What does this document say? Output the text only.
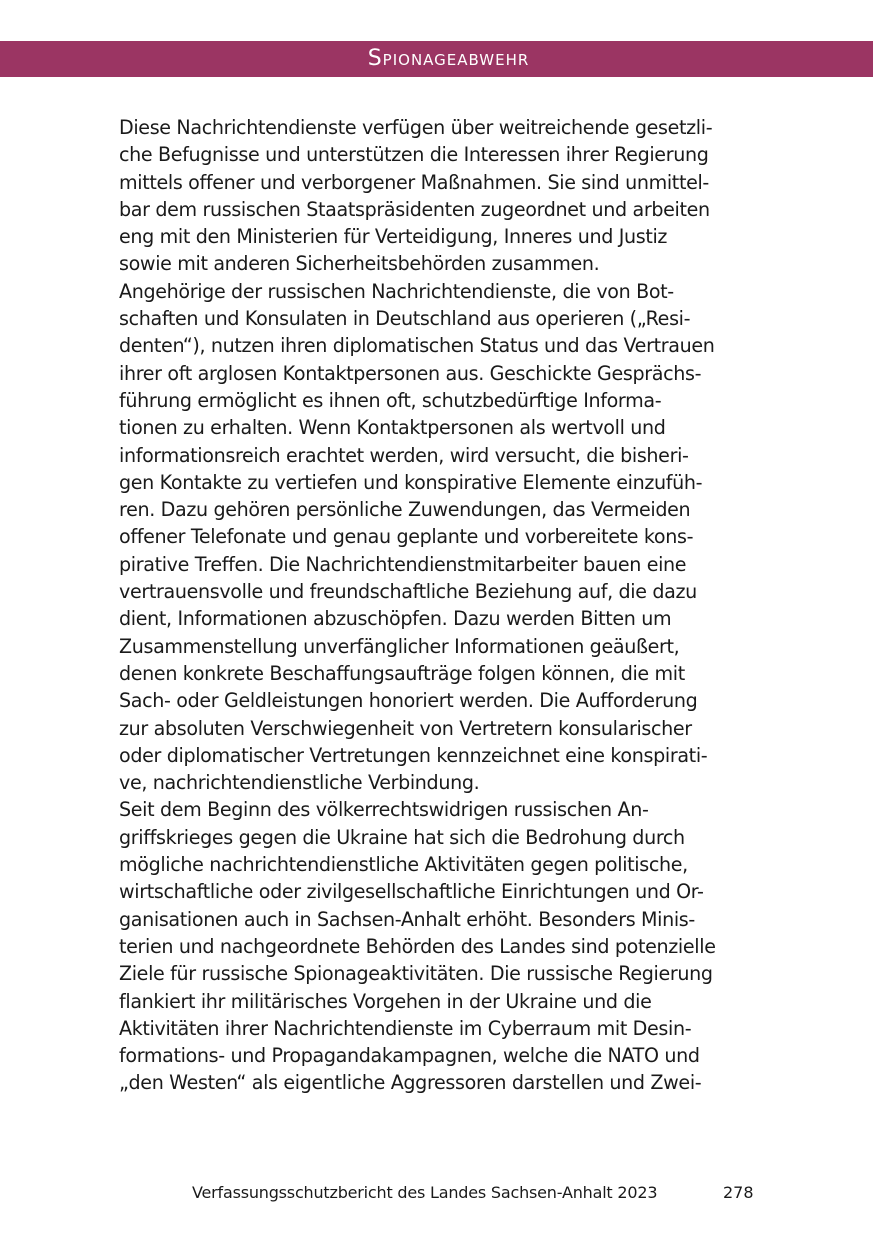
Spionageabwehr
Diese Nachrichtendienste verfügen über weitreichende gesetzli-
che Befugnisse und unterstützen die Interessen ihrer Regierung
mittels offener und verborgener Maßnahmen. Sie sind unmittel-
bar dem russischen Staatspräsidenten zugeordnet und arbeiten
eng mit den Ministerien für Verteidigung, Inneres und Justiz
sowie mit anderen Sicherheitsbehörden zusammen.
Angehörige der russischen Nachrichtendienste, die von Bot-
schaften und Konsulaten in Deutschland aus operieren („Resi-
denten“), nutzen ihren diplomatischen Status und das Vertrauen
ihrer oft arglosen Kontaktpersonen aus. Geschickte Gesprächs-
führung ermöglicht es ihnen oft, schutzbedürftige Informa-
tionen zu erhalten. Wenn Kontaktpersonen als wertvoll und
informationsreich erachtet werden, wird versucht, die bisheri-
gen Kontakte zu vertiefen und konspirative Elemente einzufüh-
ren. Dazu gehören persönliche Zuwendungen, das Vermeiden
offener Telefonate und genau geplante und vorbereitete kons-
pirative Treffen. Die Nachrichtendienstmitarbeiter bauen eine
vertrauensvolle und freundschaftliche Beziehung auf, die dazu
dient, Informationen abzuschöpfen. Dazu werden Bitten um
Zusammenstellung unverfänglicher Informationen geäußert,
denen konkrete Beschaffungsaufträge folgen können, die mit
Sach- oder Geldleistungen honoriert werden. Die Aufforderung
zur absoluten Verschwiegenheit von Vertretern konsularischer
oder diplomatischer Vertretungen kennzeichnet eine konspirati-
ve, nachrichtendienstliche Verbindung.
Seit dem Beginn des völkerrechtswidrigen russischen An-
griffskrieges gegen die Ukraine hat sich die Bedrohung durch
mögliche nachrichtendienstliche Aktivitäten gegen politische,
wirtschaftliche oder zivilgesellschaftliche Einrichtungen und Or-
ganisationen auch in Sachsen-Anhalt erhöht. Besonders Minis-
terien und nachgeordnete Behörden des Landes sind potenzielle
Ziele für russische Spionageaktivitäten. Die russische Regierung
flankiert ihr militärisches Vorgehen in der Ukraine und die
Aktivitäten ihrer Nachrichtendienste im Cyberraum mit Desin-
formations- und Propagandakampagnen, welche die NATO und
„den Westen“ als eigentliche Aggressoren darstellen und Zwei-
Verfassungsschutzbericht des Landes Sachsen-Anhalt 2023	278
